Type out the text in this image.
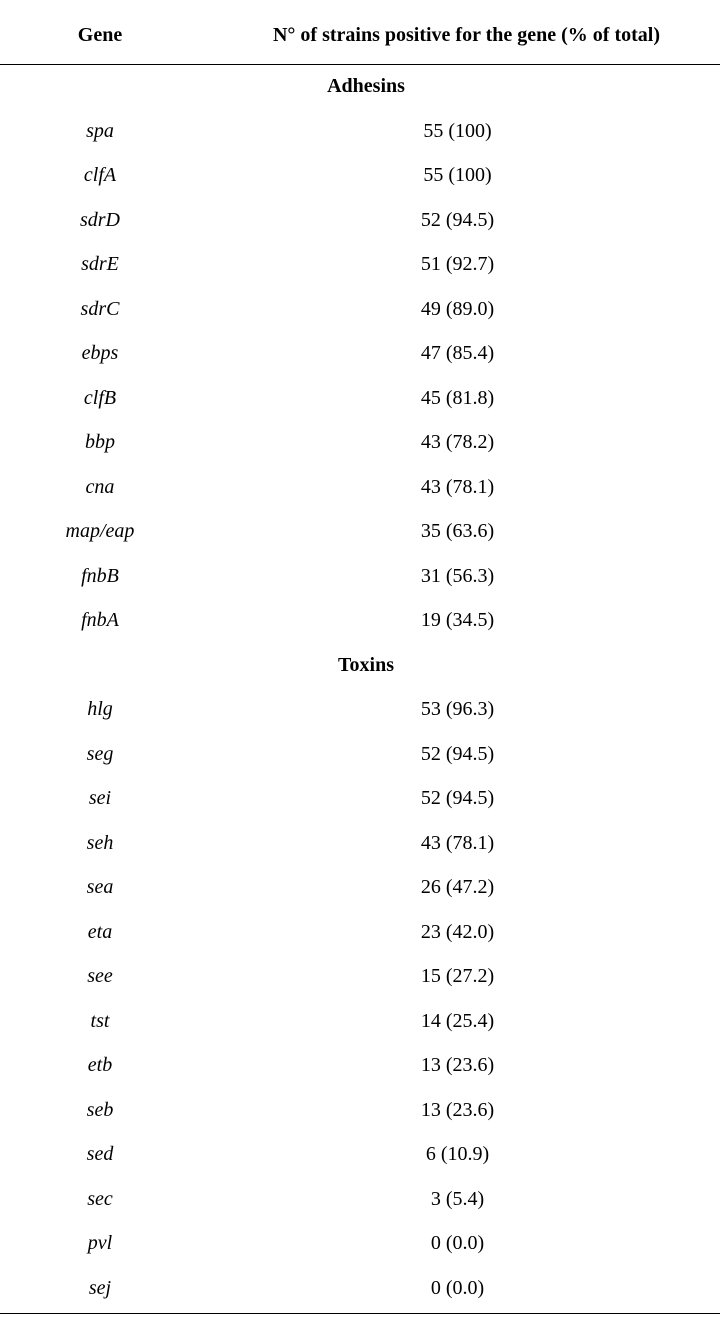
Gene	N° of strains positive for the gene (% of total)
Adhesins
spa	55 (100)
clfA	55 (100)
sdrD	52 (94.5)
sdrE	51 (92.7)
sdrC	49 (89.0)
ebps	47 (85.4)
clfB	45 (81.8)
bbp	43 (78.2)
cna	43 (78.1)
map/eap	35 (63.6)
fnbB	31 (56.3)
fnbA	19 (34.5)
Toxins
hlg	53 (96.3)
seg	52 (94.5)
sei	52 (94.5)
seh	43 (78.1)
sea	26 (47.2)
eta	23 (42.0)
see	15 (27.2)
tst	14 (25.4)
etb	13 (23.6)
seb	13 (23.6)
sed	6 (10.9)
sec	3 (5.4)
pvl	0 (0.0)
sej	0 (0.0)
